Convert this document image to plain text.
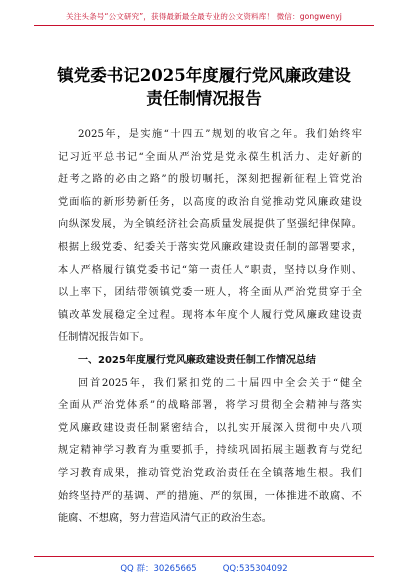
关注头条号“公文研究”，获得最新最全最专业的公文资料库！ 微信：gongwenyj
镇党委书记2025年度履行党风廉政建设
责任制情况报告
2025年，是实施“十四五”规划的收官之年。我们始终牢
记习近平总书记“全面从严治党是党永葆生机活力、走好新的
赶考之路的必由之路”的殷切嘱托，深刻把握新征程上管党治
党面临的新形势新任务，以高度的政治自觉推动党风廉政建设
向纵深发展，为全镇经济社会高质量发展提供了坚强纪律保障。
根据上级党委、纪委关于落实党风廉政建设责任制的部署要求，
本人严格履行镇党委书记“第一责任人”职责，坚持以身作则、
以上率下，团结带领镇党委一班人，将全面从严治党贯穿于全
镇改革发展稳定全过程。现将本年度个人履行党风廉政建设责
任制情况报告如下。
一、2025年度履行党风廉政建设责任制工作情况总结
回首2025年，我们紧扣党的二十届四中全会关于“健全
全面从严治党体系”的战略部署，将学习贯彻全会精神与落实
党风廉政建设责任制紧密结合，以扎实开展深入贯彻中央八项
规定精神学习教育为重要抓手，持续巩固拓展主题教育与党纪
学习教育成果，推动管党治党政治责任在全镇落地生根。我们
始终坚持严的基调、严的措施、严的氛围，一体推进不敢腐、不
能腐、不想腐，努力营造风清气正的政治生态。
QQ 群：30265665	QQ:535304092
